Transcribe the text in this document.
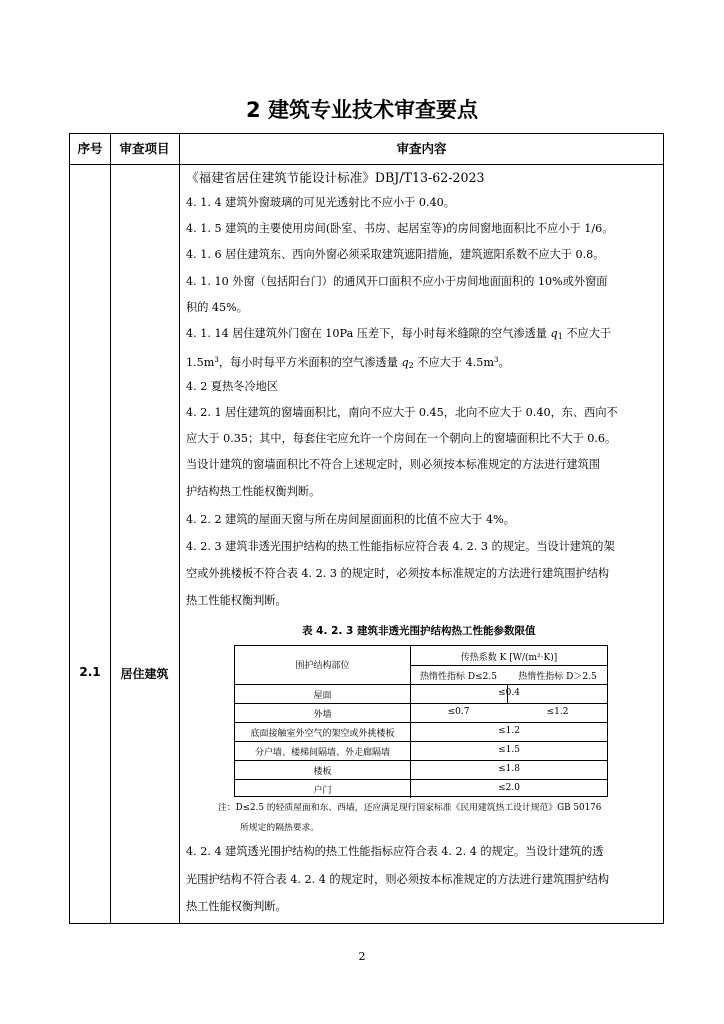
2 建筑专业技术审查要点
序号	审查项目	审查内容
2.1	居住建筑
《福建省居住建筑节能设计标准》DBJ/T13-62-2023
4. 1. 4 建筑外窗玻璃的可见光透射比不应小于 0.40。
4. 1. 5 建筑的主要使用房间(卧室、书房、起居室等)的房间窗地面积比不应小于 1/6。
4. 1. 6 居住建筑东、西向外窗必须采取建筑遮阳措施，建筑遮阳系数不应大于 0.8。
4. 1. 10 外窗（包括阳台门）的通风开口面积不应小于房间地面面积的 10%或外窗面
积的 45%。
4. 1. 14 居住建筑外门窗在 10Pa 压差下，每小时每米缝隙的空气渗透量 $q_1$ 不应大于
$1.5m^3$，每小时每平方米面积的空气渗透量 $q_2$ 不应大于 $4.5m^3$。
4. 2 夏热冬冷地区
4. 2. 1 居住建筑的窗墙面积比，南向不应大于 0.45，北向不应大于 0.40，东、西向不
应大于 0.35；其中，每套住宅应允许一个房间在一个朝向上的窗墙面积比不大于 0.6。
当设计建筑的窗墙面积比不符合上述规定时，则必须按本标准规定的方法进行建筑围
护结构热工性能权衡判断。
4. 2. 2 建筑的屋面天窗与所在房间屋面面积的比值不应大于 4%。
4. 2. 3 建筑非透光围护结构的热工性能指标应符合表 4. 2. 3 的规定。当设计建筑的架
空或外挑楼板不符合表 4. 2. 3 的规定时，必须按本标准规定的方法进行建筑围护结构
热工性能权衡判断。
表 4. 2. 3 建筑非透光围护结构热工性能参数限值
围护结构部位
传热系数 K [W/(m²·K)]
热惰性指标 D≤2.5	热惰性指标 D＞2.5
屋面	≤0.4
外墙	≤0.7	≤1.2
底面接触室外空气的架空或外挑楼板	≤1.2
分户墙、楼梯间隔墙、外走廊隔墙	≤1.5
楼板	≤1.8
户门	≤2.0
注：D≤2.5 的轻质屋面和东、西墙，还应满足现行国家标准《民用建筑热工设计规范》GB 50176
所规定的隔热要求。
4. 2. 4 建筑透光围护结构的热工性能指标应符合表 4. 2. 4 的规定。当设计建筑的透
光围护结构不符合表 4. 2. 4 的规定时，则必须按本标准规定的方法进行建筑围护结构
热工性能权衡判断。
2
